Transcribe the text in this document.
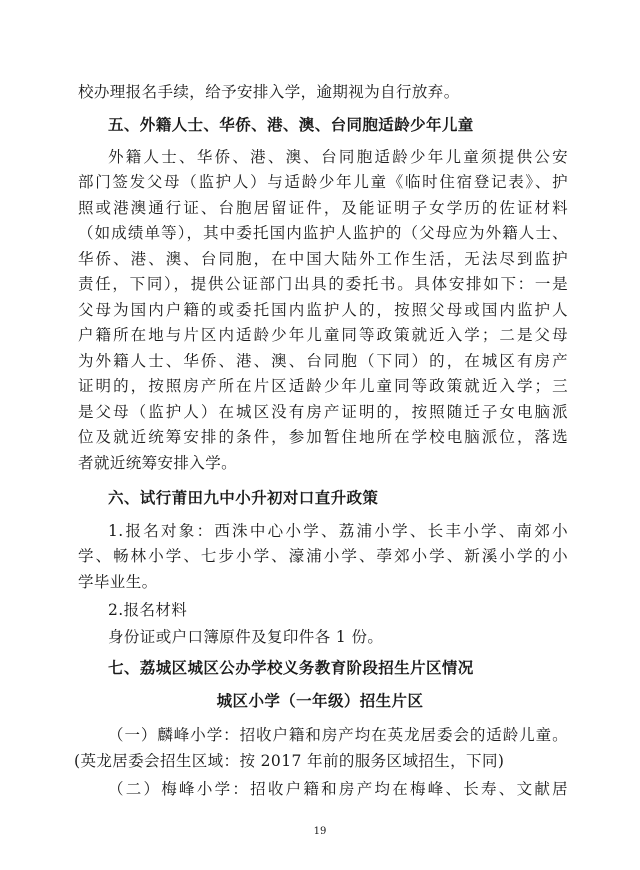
校办理报名手续，给予安排入学，逾期视为自行放弃。
五、外籍人士、华侨、港、澳、台同胞适龄少年儿童
外籍人士、华侨、港、澳、台同胞适龄少年儿童须提供公安
部门签发父母（监护人）与适龄少年儿童《临时住宿登记表》、护
照或港澳通行证、台胞居留证件，及能证明子女学历的佐证材料
（如成绩单等），其中委托国内监护人监护的（父母应为外籍人士、
华侨、港、澳、台同胞，在中国大陆外工作生活，无法尽到监护
责任，下同），提供公证部门出具的委托书。具体安排如下：一是
父母为国内户籍的或委托国内监护人的，按照父母或国内监护人
户籍所在地与片区内适龄少年儿童同等政策就近入学；二是父母
为外籍人士、华侨、港、澳、台同胞（下同）的，在城区有房产
证明的，按照房产所在片区适龄少年儿童同等政策就近入学；三
是父母（监护人）在城区没有房产证明的，按照随迁子女电脑派
位及就近统筹安排的条件，参加暂住地所在学校电脑派位，落选
者就近统筹安排入学。
六、试行莆田九中小升初对口直升政策
1.报名对象：西洙中心小学、荔浦小学、长丰小学、南郊小
学、畅林小学、七步小学、濠浦小学、荸郊小学、新溪小学的小
学毕业生。
2.报名材料
身份证或户口簿原件及复印件各 1 份。
七、荔城区城区公办学校义务教育阶段招生片区情况
城区小学（一年级）招生片区
（一）麟峰小学：招收户籍和房产均在英龙居委会的适龄儿童。
(英龙居委会招生区域：按 2017 年前的服务区域招生，下同)
（二）梅峰小学：招收户籍和房产均在梅峰、长寿、文献居
19
